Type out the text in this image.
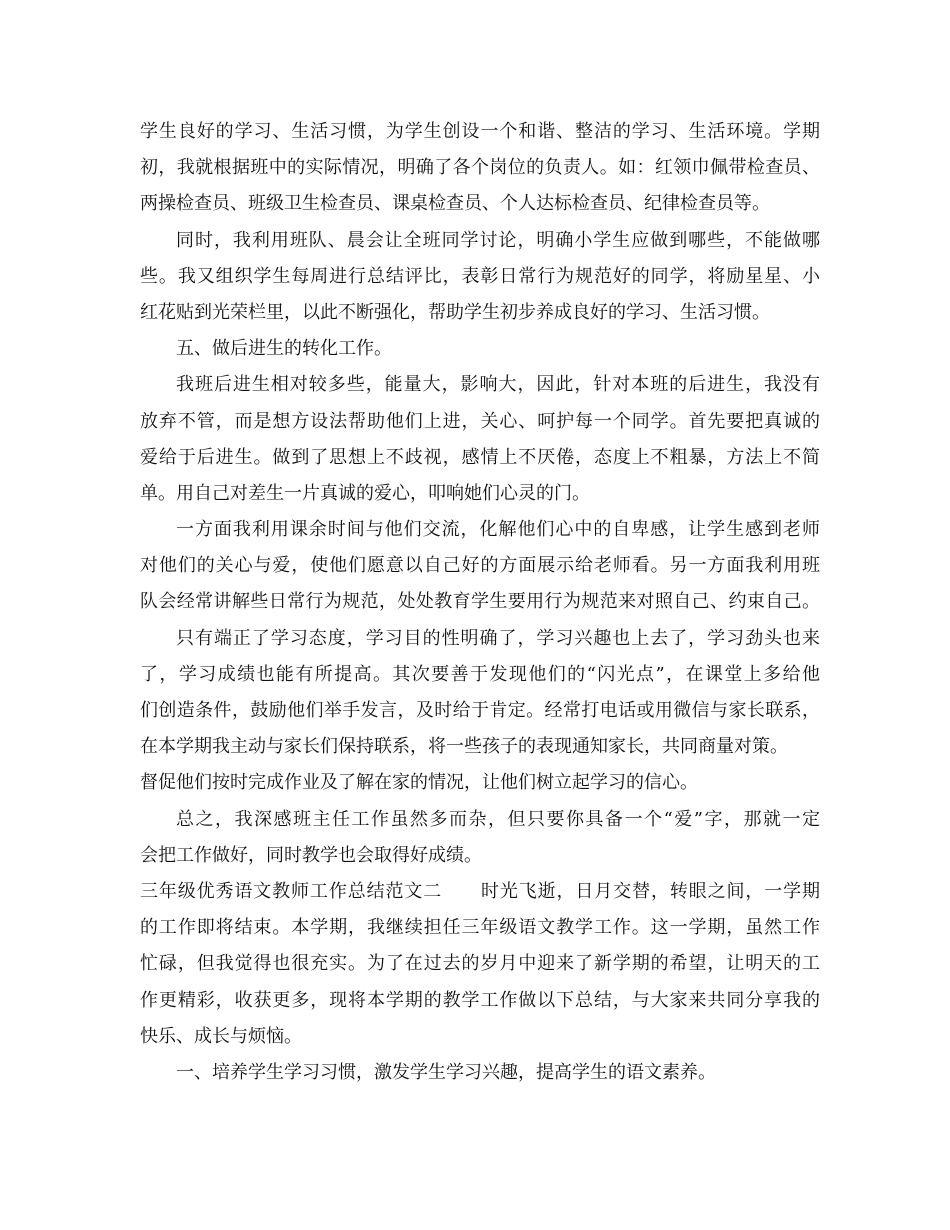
学生良好的学习、生活习惯，为学生创设一个和谐、整洁的学习、生活环境。学期
初，我就根据班中的实际情况，明确了各个岗位的负责人。如：红领巾佩带检查员、
两操检查员、班级卫生检查员、课桌检查员、个人达标检查员、纪律检查员等。
同时，我利用班队、晨会让全班同学讨论，明确小学生应做到哪些，不能做哪
些。我又组织学生每周进行总结评比，表彰日常行为规范好的同学，将励星星、小
红花贴到光荣栏里，以此不断强化，帮助学生初步养成良好的学习、生活习惯。
五、做后进生的转化工作。
我班后进生相对较多些，能量大，影响大，因此，针对本班的后进生，我没有
放弃不管，而是想方设法帮助他们上进，关心、呵护每一个同学。首先要把真诚的
爱给于后进生。做到了思想上不歧视，感情上不厌倦，态度上不粗暴，方法上不简
单。用自己对差生一片真诚的爱心，叩响她们心灵的门。
一方面我利用课余时间与他们交流，化解他们心中的自卑感，让学生感到老师
对他们的关心与爱，使他们愿意以自己好的方面展示给老师看。另一方面我利用班
队会经常讲解些日常行为规范，处处教育学生要用行为规范来对照自己、约束自己。
只有端正了学习态度，学习目的性明确了，学习兴趣也上去了，学习劲头也来
了，学习成绩也能有所提高。其次要善于发现他们的“闪光点”，在课堂上多给他
们创造条件，鼓励他们举手发言，及时给于肯定。经常打电话或用微信与家长联系，
在本学期我主动与家长们保持联系，将一些孩子的表现通知家长，共同商量对策。
督促他们按时完成作业及了解在家的情况，让他们树立起学习的信心。
总之，我深感班主任工作虽然多而杂，但只要你具备一个“爱”字，那就一定
会把工作做好，同时教学也会取得好成绩。
三年级优秀语文教师工作总结范文二 时光飞逝，日月交替，转眼之间，一学期
的工作即将结束。本学期，我继续担任三年级语文教学工作。这一学期，虽然工作
忙碌，但我觉得也很充实。为了在过去的岁月中迎来了新学期的希望，让明天的工
作更精彩，收获更多，现将本学期的教学工作做以下总结，与大家来共同分享我的
快乐、成长与烦恼。
一、培养学生学习习惯，激发学生学习兴趣，提高学生的语文素养。
